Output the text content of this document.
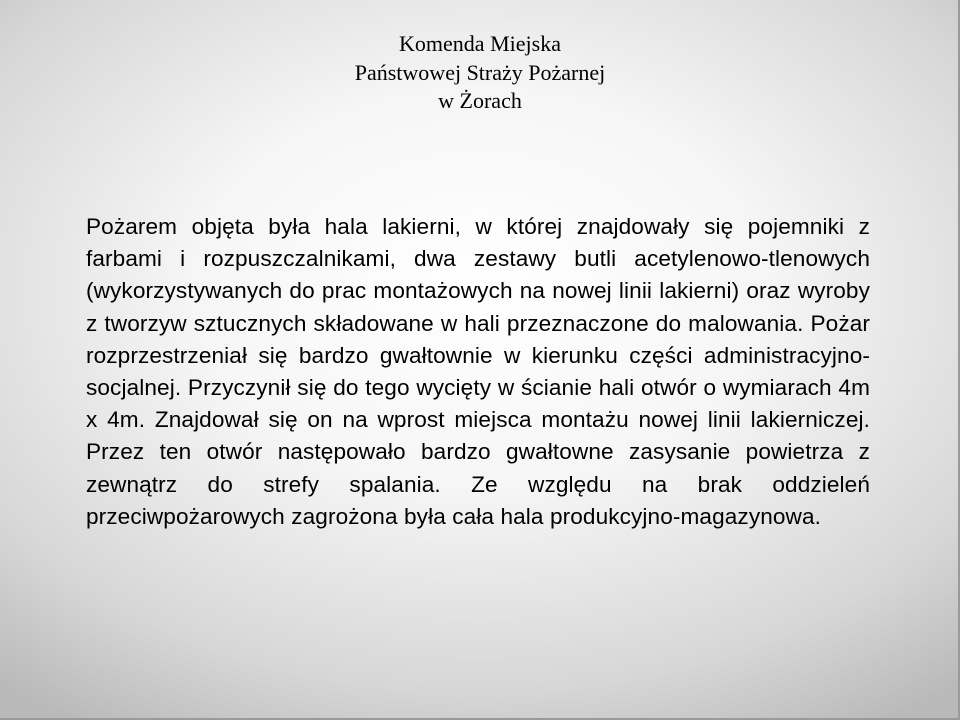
Komenda Miejska
Państwowej Straży Pożarnej
w Żorach
Pożarem objęta była hala lakierni, w której znajdowały się pojemniki z farbami i rozpuszczalnikami, dwa zestawy butli acetylenowo-tlenowych (wykorzystywanych do prac montażowych na nowej linii lakierni) oraz wyroby z tworzyw sztucznych składowane w hali przeznaczone do malowania. Pożar rozprzestrzeniał się bardzo gwałtownie w kierunku części administracyjno-socjalnej. Przyczynił się do tego wycięty w ścianie hali otwór o wymiarach 4m x 4m. Znajdował się on na wprost miejsca montażu nowej linii lakierniczej. Przez ten otwór następowało bardzo gwałtowne zasysanie powietrza z zewnątrz do strefy spalania. Ze względu na brak oddzieleń przeciwpożarowych zagrożona była cała hala produkcyjno-magazynowa.
